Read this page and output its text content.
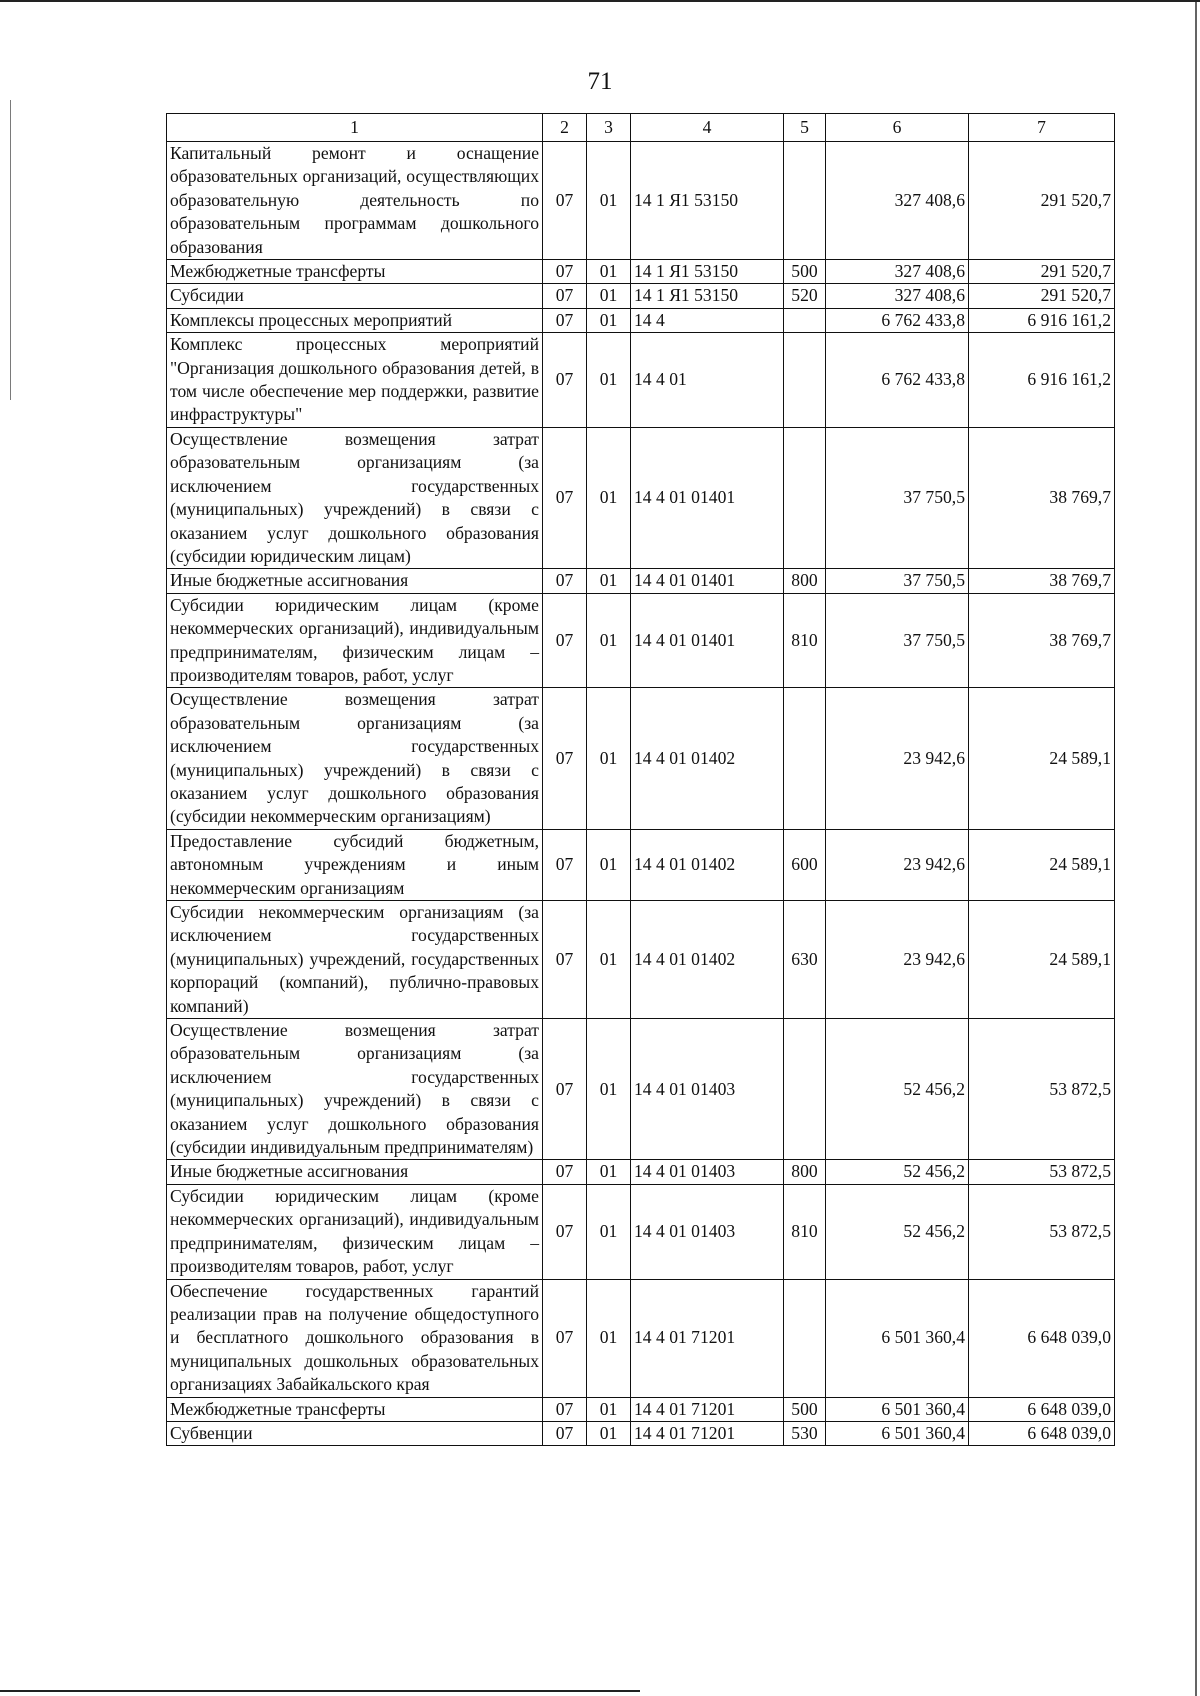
71
1	2	3	4	5	6	7
Капитальный ремонт и оснащение образовательных организаций, осуществляющих образовательную деятельность по образовательным программам дошкольного образования	07	01	14 1 Я1 53150		327 408,6	291 520,7
Межбюджетные трансферты	07	01	14 1 Я1 53150	500	327 408,6	291 520,7
Субсидии	07	01	14 1 Я1 53150	520	327 408,6	291 520,7
Комплексы процессных мероприятий	07	01	14 4		6 762 433,8	6 916 161,2
Комплекс процессных мероприятий "Организация дошкольного образования детей, в том числе обеспечение мер поддержки, развитие инфраструктуры"	07	01	14 4 01		6 762 433,8	6 916 161,2
Осуществление возмещения затрат образовательным организациям (за исключением государственных (муниципальных) учреждений) в связи с оказанием услуг дошкольного образования (субсидии юридическим лицам)	07	01	14 4 01 01401		37 750,5	38 769,7
Иные бюджетные ассигнования	07	01	14 4 01 01401	800	37 750,5	38 769,7
Субсидии юридическим лицам (кроме некоммерческих организаций), индивидуальным предпринимателям, физическим лицам – производителям товаров, работ, услуг	07	01	14 4 01 01401	810	37 750,5	38 769,7
Осуществление возмещения затрат образовательным организациям (за исключением государственных (муниципальных) учреждений) в связи с оказанием услуг дошкольного образования (субсидии некоммерческим организациям)	07	01	14 4 01 01402		23 942,6	24 589,1
Предоставление субсидий бюджетным, автономным учреждениям и иным некоммерческим организациям	07	01	14 4 01 01402	600	23 942,6	24 589,1
Субсидии некоммерческим организациям (за исключением государственных (муниципальных) учреждений, государственных корпораций (компаний), публично-правовых компаний)	07	01	14 4 01 01402	630	23 942,6	24 589,1
Осуществление возмещения затрат образовательным организациям (за исключением государственных (муниципальных) учреждений) в связи с оказанием услуг дошкольного образования (субсидии индивидуальным предпринимателям)	07	01	14 4 01 01403		52 456,2	53 872,5
Иные бюджетные ассигнования	07	01	14 4 01 01403	800	52 456,2	53 872,5
Субсидии юридическим лицам (кроме некоммерческих организаций), индивидуальным предпринимателям, физическим лицам – производителям товаров, работ, услуг	07	01	14 4 01 01403	810	52 456,2	53 872,5
Обеспечение государственных гарантий реализации прав на получение общедоступного и бесплатного дошкольного образования в муниципальных дошкольных образовательных организациях Забайкальского края	07	01	14 4 01 71201		6 501 360,4	6 648 039,0
Межбюджетные трансферты	07	01	14 4 01 71201	500	6 501 360,4	6 648 039,0
Субвенции	07	01	14 4 01 71201	530	6 501 360,4	6 648 039,0
